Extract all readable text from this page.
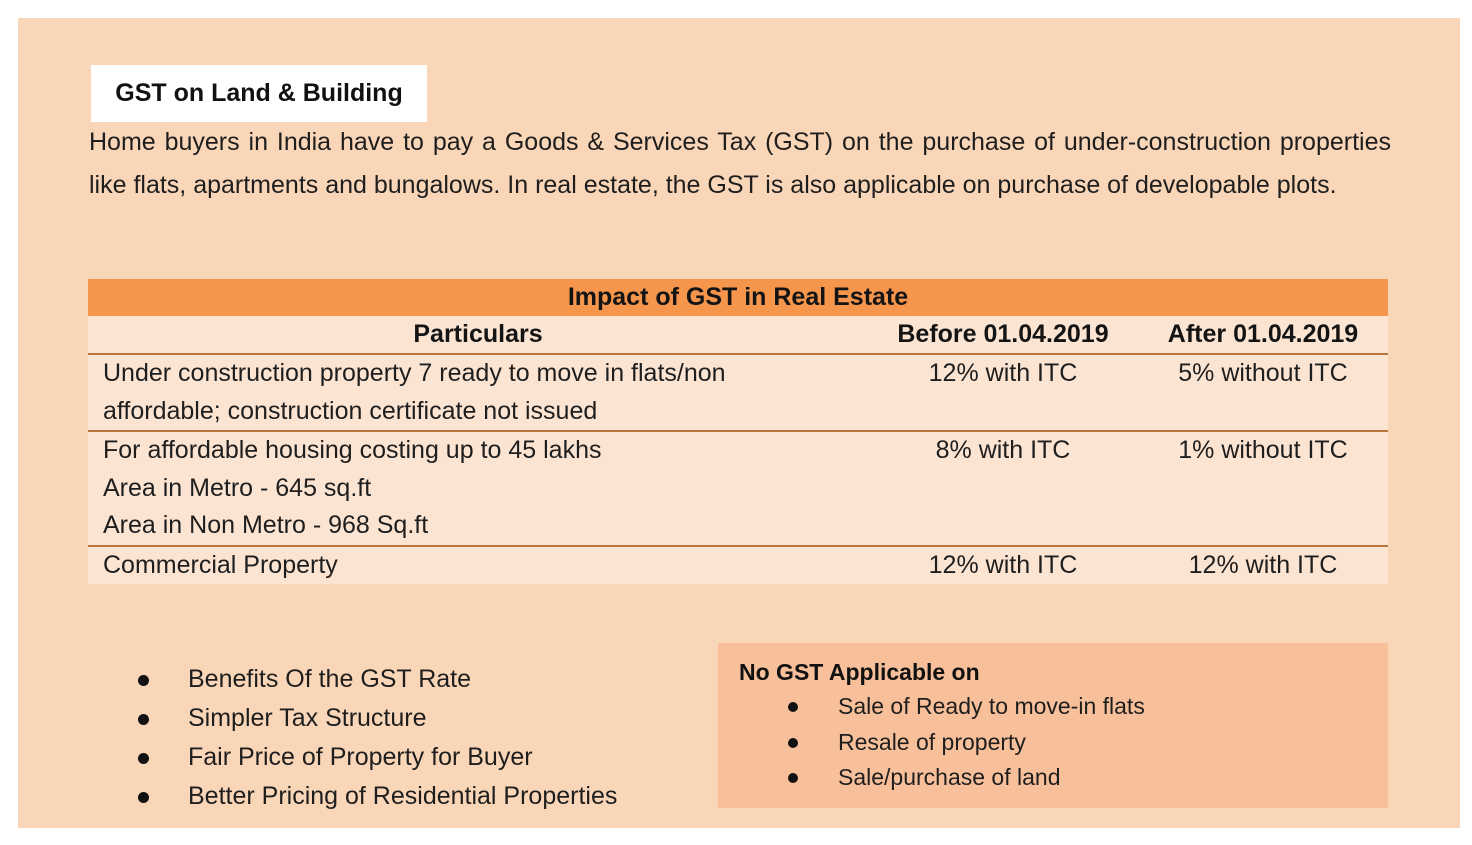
GST on Land & Building

Home buyers in India have to pay a Goods & Services Tax (GST) on the purchase of under-construction properties like flats, apartments and bungalows. In real estate, the GST is also applicable on purchase of developable plots.

Impact of GST in Real Estate		
Particulars	Before 01.04.2019	After 01.04.2019

Under construction property 7 ready to move in flats/non
affordable; construction certificate not issued	12% with ITC	5% without ITC

For affordable housing costing up to 45 lakhs
Area in Metro - 645 sq.ft
Area in Non Metro - 968 Sq.ft	8% with ITC	1% without ITC

Commercial Property	12% with ITC	12% with ITC
Benefits Of the GST Rate
Simpler Tax Structure
Fair Price of Property for Buyer
Better Pricing of Residential Properties
No GST Applicable on
Sale of Ready to move-in flats
Resale of property
Sale/purchase of land
